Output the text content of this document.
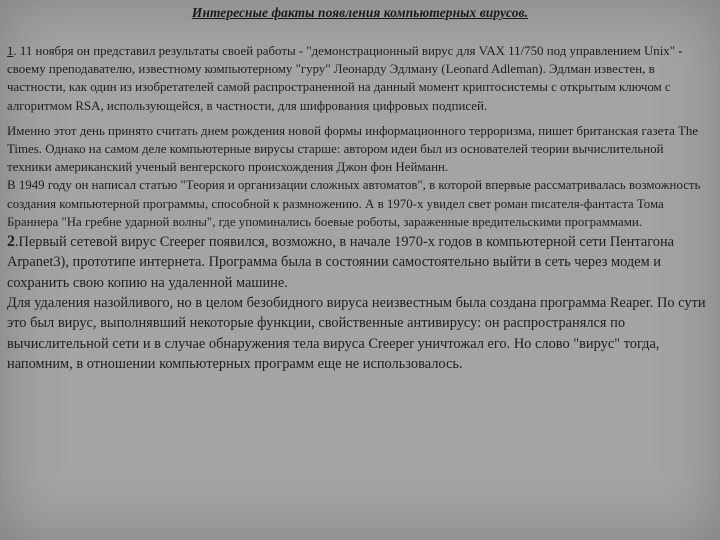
Интересные факты появления компьютерных вирусов.

1. 11 ноября он представил результаты своей работы - "демонстрационный вирус для VAX 11/750 под управлением Unix" - своему преподавателю, известному компьютерному "гуру" Леонарду Эдлману (Leonard Adleman). Эдлман известен, в частности, как один из изобретателей самой распространенной на данный момент криптосистемы с открытым ключом с алгоритмом RSA, использующейся, в частности, для шифрования цифровых подписей.

Именно этот день принято считать днем рождения новой формы информационного терроризма, пишет британская газета The Times. Однако на самом деле компьютерные вирусы старше: автором идеи был из основателей теории вычислительной техники американский ученый венгерского происхождения Джон фон Нейманн.

В 1949 году он написал статью "Теория и организации сложных автоматов", в которой впервые рассматривалась возможность создания компьютерной программы, способной к размножению. А в 1970-х увидел свет роман писателя-фантаста Тома Браннера "На гребне ударной волны", где упоминались боевые роботы, зараженные вредительскими программами.

2.Первый сетевой вирус Creeper появился, возможно, в начале 1970-х годов в компьютерной сети Пентагона Arpanet3), прототипе интернета. Программа была в состоянии самостоятельно выйти в сеть через модем и сохранить свою копию на удаленной машине.

Для удаления назойливого, но в целом безобидного вируса неизвестным была создана программа Reaper. По сути это был вирус, выполнявший некоторые функции, свойственные антивирусу: он распространялся по вычислительной сети и в случае обнаружения тела вируса Creeper уничтожал его. Но слово "вирус" тогда, напомним, в отношении компьютерных программ еще не использовалось.
